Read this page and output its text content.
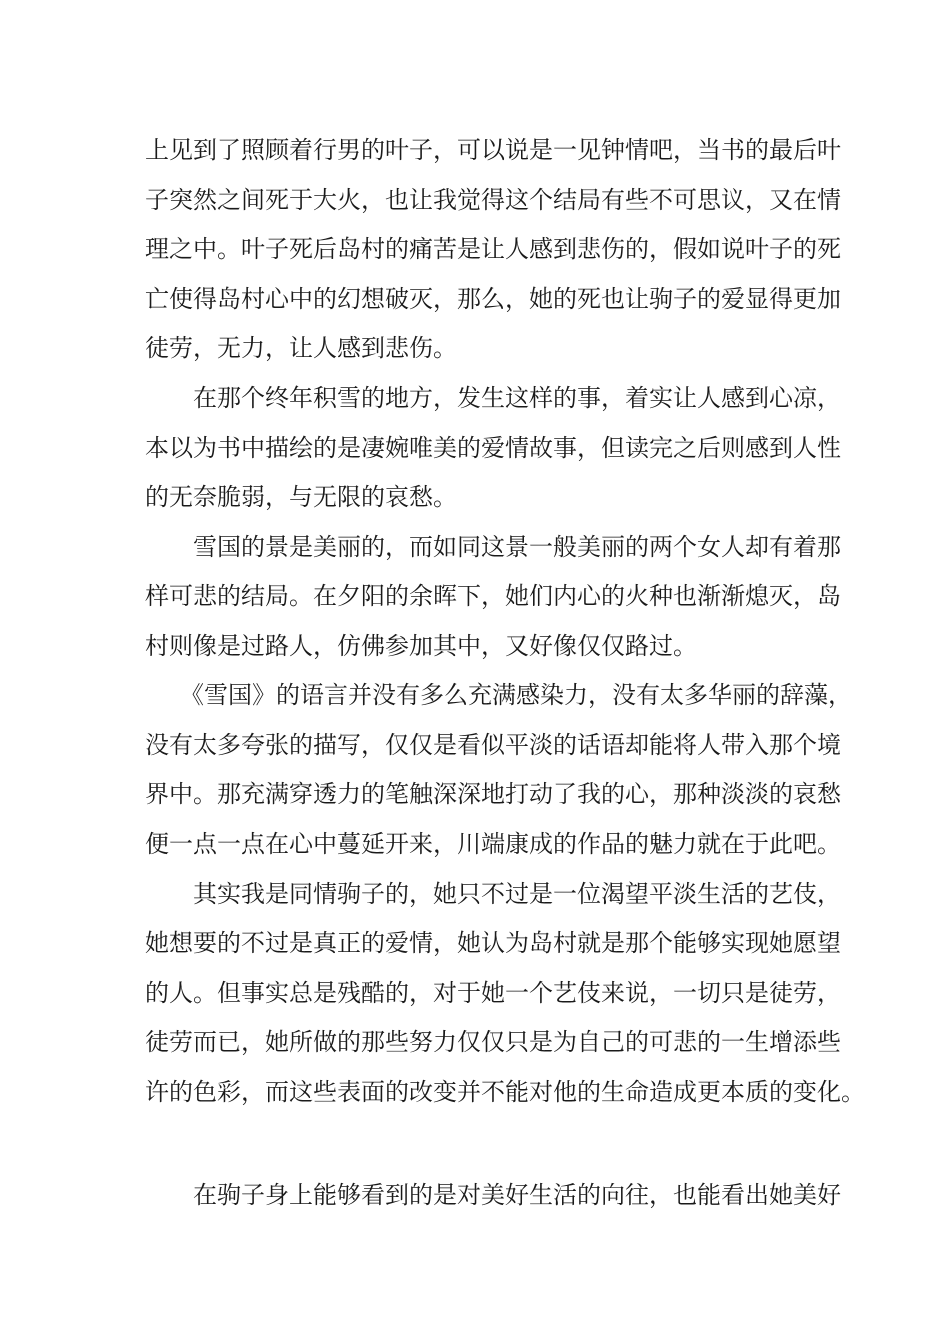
上见到了照顾着行男的叶子，可以说是一见钟情吧，当书的最后叶
子突然之间死于大火，也让我觉得这个结局有些不可思议，又在情
理之中。叶子死后岛村的痛苦是让人感到悲伤的，假如说叶子的死
亡使得岛村心中的幻想破灭，那么，她的死也让驹子的爱显得更加
徒劳，无力，让人感到悲伤。
在那个终年积雪的地方，发生这样的事，着实让人感到心凉，
本以为书中描绘的是凄婉唯美的爱情故事，但读完之后则感到人性
的无奈脆弱，与无限的哀愁。
雪国的景是美丽的，而如同这景一般美丽的两个女人却有着那
样可悲的结局。在夕阳的余晖下，她们内心的火种也渐渐熄灭，岛
村则像是过路人，仿佛参加其中，又好像仅仅路过。
《雪国》的语言并没有多么充满感染力，没有太多华丽的辞藻，
没有太多夸张的描写，仅仅是看似平淡的话语却能将人带入那个境
界中。那充满穿透力的笔触深深地打动了我的心，那种淡淡的哀愁
便一点一点在心中蔓延开来，川端康成的作品的魅力就在于此吧。
其实我是同情驹子的，她只不过是一位渴望平淡生活的艺伎，
她想要的不过是真正的爱情，她认为岛村就是那个能够实现她愿望
的人。但事实总是残酷的，对于她一个艺伎来说，一切只是徒劳，
徒劳而已，她所做的那些努力仅仅只是为自己的可悲的一生增添些
许的色彩，而这些表面的改变并不能对他的生命造成更本质的变化。
在驹子身上能够看到的是对美好生活的向往，也能看出她美好
